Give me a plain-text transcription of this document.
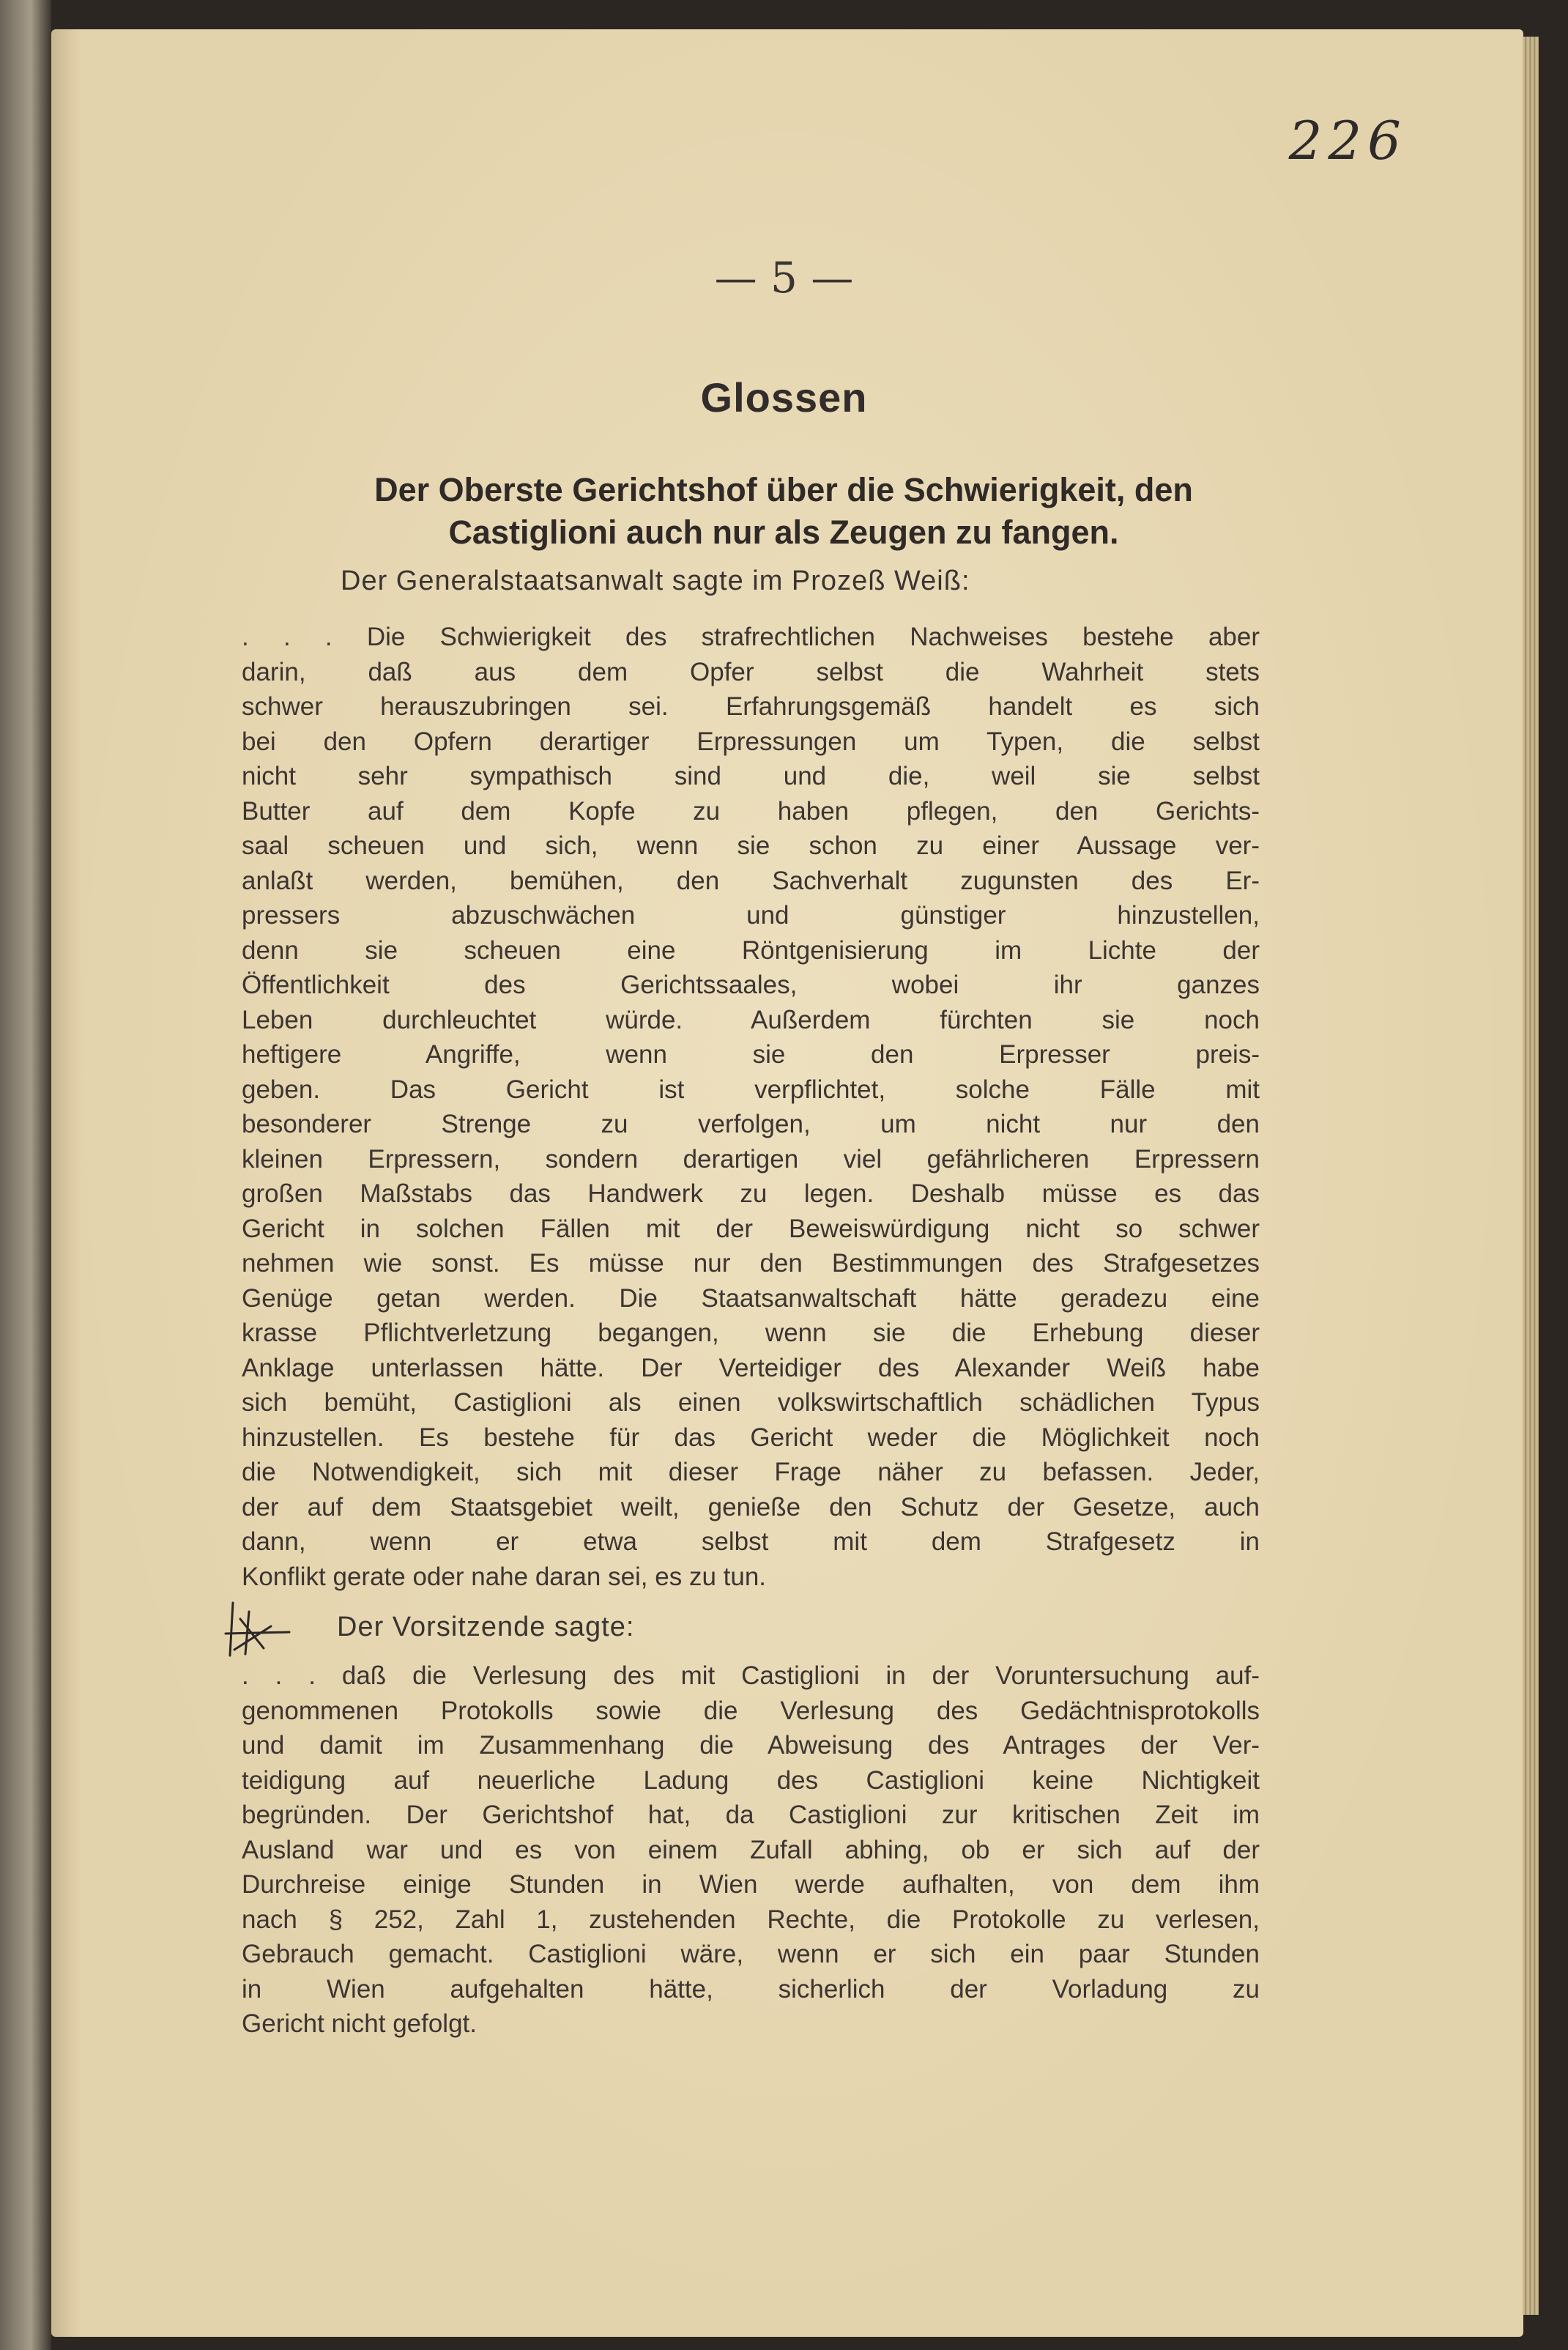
226
— 5 —
Glossen
Der Oberste Gerichtshof über die Schwierigkeit, den
Castiglioni auch nur als Zeugen zu fangen.
Der Generalstaatsanwalt sagte im Prozeß Weiß:
. . . Die Schwierigkeit des strafrechtlichen Nachweises bestehe aber
darin, daß aus dem Opfer selbst die Wahrheit stets
schwer herauszubringen sei. Erfahrungsgemäß handelt es sich
bei den Opfern derartiger Erpressungen um Typen, die selbst
nicht sehr sympathisch sind und die, weil sie selbst
Butter auf dem Kopfe zu haben pflegen, den Gerichts-
saal scheuen und sich, wenn sie schon zu einer Aussage ver-
anlaßt werden, bemühen, den Sachverhalt zugunsten des Er-
pressers abzuschwächen und günstiger hinzustellen,
denn sie scheuen eine Röntgenisierung im Lichte der
Öffentlichkeit des Gerichtssaales, wobei ihr ganzes
Leben durchleuchtet würde. Außerdem fürchten sie noch
heftigere Angriffe, wenn sie den Erpresser preis-
geben. Das Gericht ist verpflichtet, solche Fälle mit
besonderer Strenge zu verfolgen, um nicht nur den
kleinen Erpressern, sondern derartigen viel gefährlicheren Erpressern
großen Maßstabs das Handwerk zu legen. Deshalb müsse es das
Gericht in solchen Fällen mit der Beweiswürdigung nicht so schwer
nehmen wie sonst. Es müsse nur den Bestimmungen des Strafgesetzes
Genüge getan werden. Die Staatsanwaltschaft hätte geradezu eine
krasse Pflichtverletzung begangen, wenn sie die Erhebung dieser
Anklage unterlassen hätte. Der Verteidiger des Alexander Weiß habe
sich bemüht, Castiglioni als einen volkswirtschaftlich schädlichen Typus
hinzustellen. Es bestehe für das Gericht weder die Möglichkeit noch
die Notwendigkeit, sich mit dieser Frage näher zu befassen. Jeder,
der auf dem Staatsgebiet weilt, genieße den Schutz der Gesetze, auch
dann, wenn er etwa selbst mit dem Strafgesetz in
Konflikt gerate oder nahe daran sei, es zu tun.
Der Vorsitzende sagte:
. . . daß die Verlesung des mit Castiglioni in der Voruntersuchung auf-
genommenen Protokolls sowie die Verlesung des Gedächtnisprotokolls
und damit im Zusammenhang die Abweisung des Antrages der Ver-
teidigung auf neuerliche Ladung des Castiglioni keine Nichtigkeit
begründen. Der Gerichtshof hat, da Castiglioni zur kritischen Zeit im
Ausland war und es von einem Zufall abhing, ob er sich auf der
Durchreise einige Stunden in Wien werde aufhalten, von dem ihm
nach § 252, Zahl 1, zustehenden Rechte, die Protokolle zu verlesen,
Gebrauch gemacht. Castiglioni wäre, wenn er sich ein paar Stunden
in Wien aufgehalten hätte, sicherlich der Vorladung zu
Gericht nicht gefolgt.
